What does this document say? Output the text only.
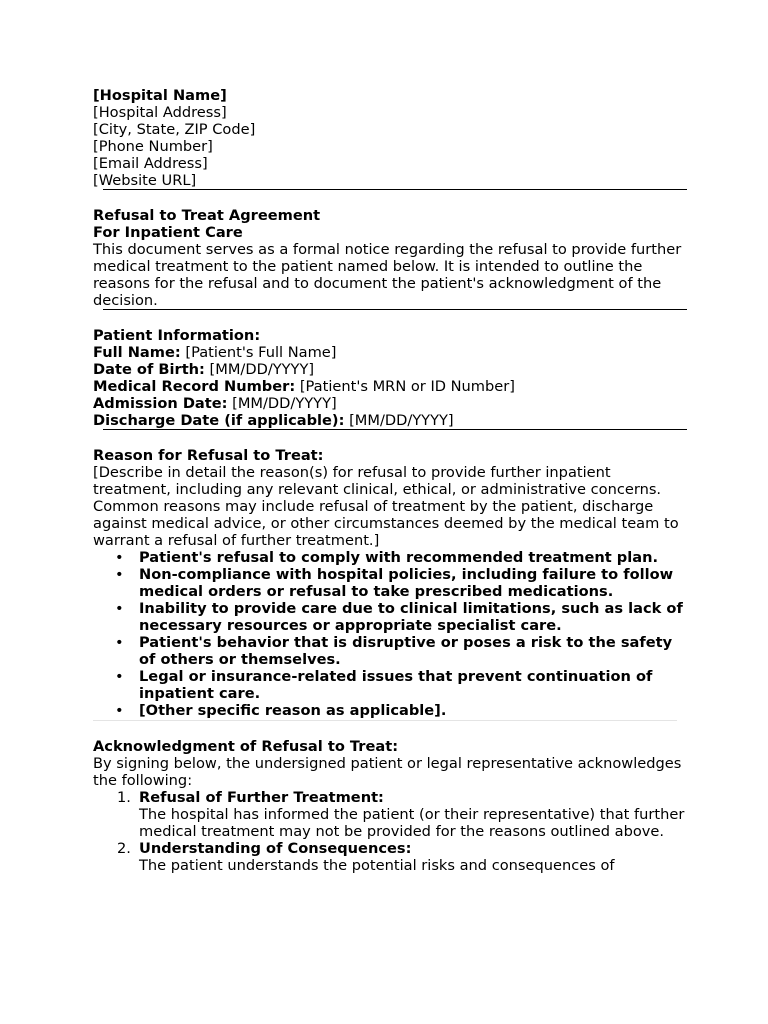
[Hospital Name]
[Hospital Address]
[City, State, ZIP Code]
[Phone Number]
[Email Address]
[Website URL]
Refusal to Treat Agreement
For Inpatient Care
This document serves as a formal notice regarding the refusal to provide further medical treatment to the patient named below. It is intended to outline the reasons for the refusal and to document the patient's acknowledgment of the decision.
Patient Information:
Full Name: [Patient's Full Name]
Date of Birth: [MM/DD/YYYY]
Medical Record Number: [Patient's MRN or ID Number]
Admission Date: [MM/DD/YYYY]
Discharge Date (if applicable): [MM/DD/YYYY]
Reason for Refusal to Treat:
[Describe in detail the reason(s) for refusal to provide further inpatient treatment, including any relevant clinical, ethical, or administrative concerns. Common reasons may include refusal of treatment by the patient, discharge against medical advice, or other circumstances deemed by the medical team to warrant a refusal of further treatment.]
• Patient's refusal to comply with recommended treatment plan.
• Non-compliance with hospital policies, including failure to follow medical orders or refusal to take prescribed medications.
• Inability to provide care due to clinical limitations, such as lack of necessary resources or appropriate specialist care.
• Patient's behavior that is disruptive or poses a risk to the safety of others or themselves.
• Legal or insurance-related issues that prevent continuation of inpatient care.
• [Other specific reason as applicable].
Acknowledgment of Refusal to Treat:
By signing below, the undersigned patient or legal representative acknowledges the following:
1. Refusal of Further Treatment:
The hospital has informed the patient (or their representative) that further medical treatment may not be provided for the reasons outlined above.
2. Understanding of Consequences:
The patient understands the potential risks and consequences of
